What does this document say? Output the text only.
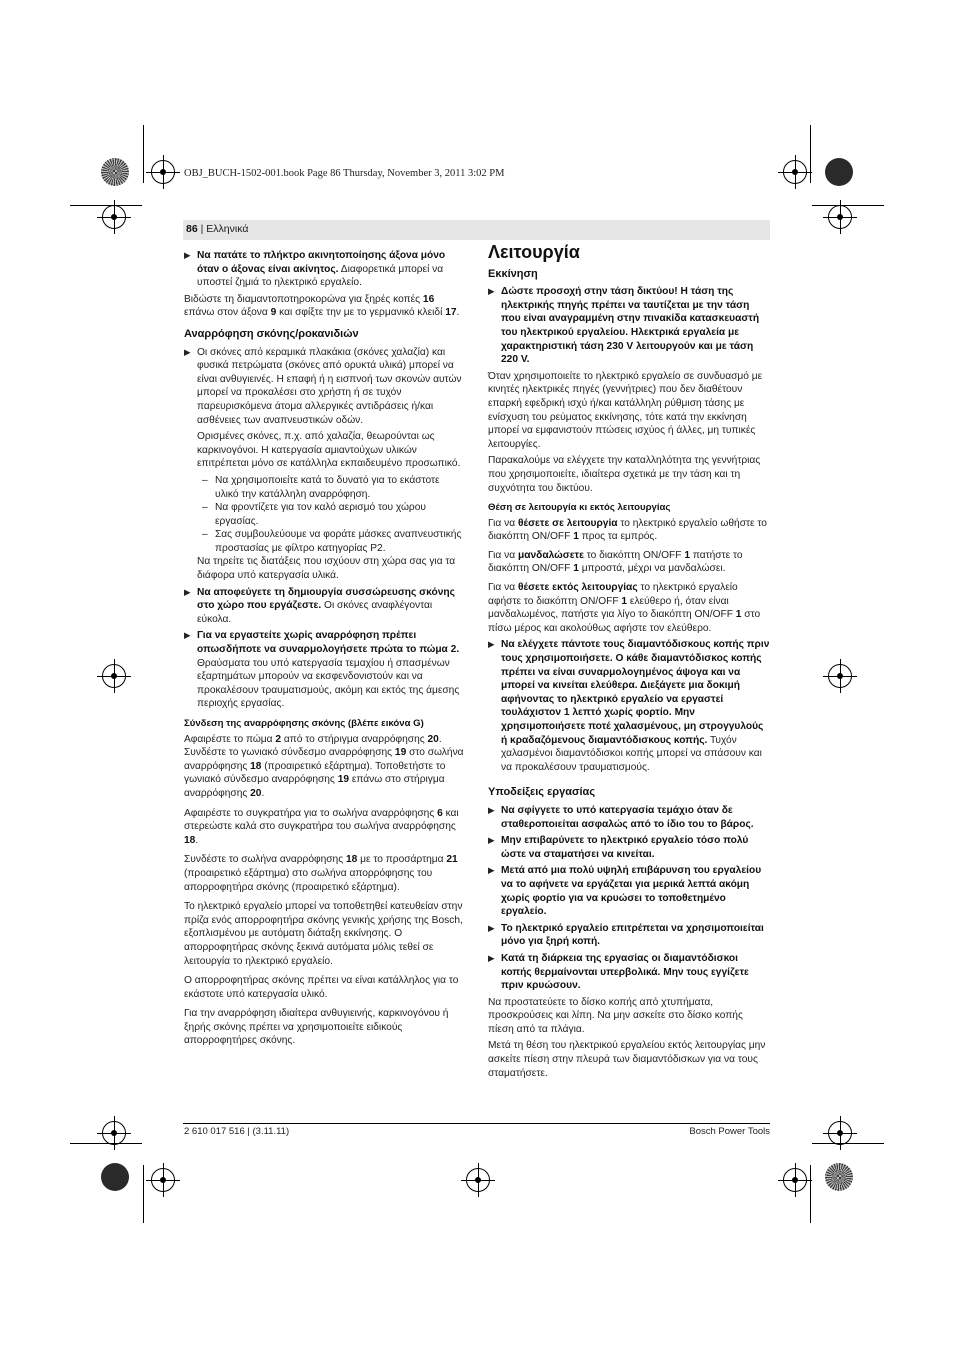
OBJ_BUCH-1502-001.book Page 86 Thursday, November 3, 2011 3:02 PM
86 | Ελληνικά
▶ Να πατάτε το πλήκτρο ακινητοποίησης άξονα μόνο όταν ο άξονας είναι ακίνητος. Διαφορετικά μπορεί να υποστεί ζημιά το ηλεκτρικό εργαλείο.

Βιδώστε τη διαμαντοποτηροκορώνα για ξηρές κοπές 16 επάνω στον άξονα 9 και σφίξτε την με το γερμανικό κλειδί 17.

Αναρρόφηση σκόνης/ροκανιδιών
▶ Οι σκόνες από κεραμικά πλακάκια (σκόνες χαλαζία) και φυσικά πετρώματα (σκόνες από ορυκτά υλικά) μπορεί να είναι ανθυγιεινές. Η επαφή ή η εισπνοή των σκονών αυτών μπορεί να προκαλέσει στο χρήστη ή σε τυχόν παρευρισκόμενα άτομα αλλεργικές αντιδράσεις ή/και ασθένειες των αναπνευστικών οδών.
Ορισμένες σκόνες, π.χ. από χαλαζία, θεωρούνται ως καρκινογόνοι. Η κατεργασία αμιαντούχων υλικών επιτρέπεται μόνο σε κατάλληλα εκπαιδευμένο προσωπικό.
– Να χρησιμοποιείτε κατά το δυνατό για το εκάστοτε υλικό την κατάλληλη αναρρόφηση.
– Να φροντίζετε για τον καλό αερισμό του χώρου εργασίας.
– Σας συμβουλεύουμε να φοράτε μάσκες αναπνευστικής προστασίας με φίλτρο κατηγορίας P2.
Να τηρείτε τις διατάξεις που ισχύουν στη χώρα σας για τα διάφορα υπό κατεργασία υλικά.
▶ Να αποφεύγετε τη δημιουργία συσσώρευσης σκόνης στο χώρο που εργάζεστε. Οι σκόνες αναφλέγονται εύκολα.
▶ Για να εργαστείτε χωρίς αναρρόφηση πρέπει οπωσδήποτε να συναρμολογήσετε πρώτα το πώμα 2. Θραύσματα του υπό κατεργασία τεμαχίου ή σπασμένων εξαρτημάτων μπορούν να εκσφενδονιστούν και να προκαλέσουν τραυματισμούς, ακόμη και εκτός της άμεσης περιοχής εργασίας.
Σύνδεση της αναρρόφησης σκόνης (βλέπε εικόνα G)

Αφαιρέστε το πώμα 2 από το στήριγμα αναρρόφησης 20. Συνδέστε το γωνιακό σύνδεσμο αναρρόφησης 19 στο σωλήνα αναρρόφησης 18 (προαιρετικό εξάρτημα). Τοποθετήστε το γωνιακό σύνδεσμο αναρρόφησης 19 επάνω στο στήριγμα αναρρόφησης 20.

Αφαιρέστε το συγκρατήρα για το σωλήνα αναρρόφησης 6 και στερεώστε καλά στο συγκρατήρα του σωλήνα αναρρόφησης 18.

Συνδέστε το σωλήνα αναρρόφησης 18 με το προσάρτημα 21 (προαιρετικό εξάρτημα) στο σωλήνα απορρόφησης του απορροφητήρα σκόνης (προαιρετικό εξάρτημα).

Το ηλεκτρικό εργαλείο μπορεί να τοποθετηθεί κατευθείαν στην πρίζα ενός απορροφητήρα σκόνης γενικής χρήσης της Bosch, εξοπλισμένου με αυτόματη διάταξη εκκίνησης. Ο απορροφητήρας σκόνης ξεκινά αυτόματα μόλις τεθεί σε λειτουργία το ηλεκτρικό εργαλείο.

Ο απορροφητήρας σκόνης πρέπει να είναι κατάλληλος για το εκάστοτε υπό κατεργασία υλικό.

Για την αναρρόφηση ιδιαίτερα ανθυγιεινής, καρκινογόνου ή ξηρής σκόνης πρέπει να χρησιμοποιείτε ειδικούς απορροφητήρες σκόνης.

Λειτουργία
Εκκίνηση
▶ Δώστε προσοχή στην τάση δικτύου! Η τάση της ηλεκτρικής πηγής πρέπει να ταυτίζεται με την τάση που είναι αναγραμμένη στην πινακίδα κατασκευαστή του ηλεκτρικού εργαλείου. Ηλεκτρικά εργαλεία με χαρακτηριστική τάση 230 V λειτουργούν και με τάση 220 V.

Όταν χρησιμοποιείτε το ηλεκτρικό εργαλείο σε συνδυασμό με κινητές ηλεκτρικές πηγές (γεννήτριες) που δεν διαθέτουν επαρκή εφεδρική ισχύ ή/και κατάλληλη ρύθμιση τάσης με ενίσχυση του ρεύματος εκκίνησης, τότε κατά την εκκίνηση μπορεί να εμφανιστούν πτώσεις ισχύος ή άλλες, μη τυπικές λειτουργίες.

Παρακαλούμε να ελέγχετε την καταλληλότητα της γεννήτριας που χρησιμοποιείτε, ιδιαίτερα σχετικά με την τάση και τη συχνότητα του δικτύου.

Θέση σε λειτουργία κι εκτός λειτουργίας

Για να θέσετε σε λειτουργία το ηλεκτρικό εργαλείο ωθήστε το διακόπτη ON/OFF 1 προς τα εμπρός.

Για να μανδαλώσετε το διακόπτη ON/OFF 1 πατήστε το διακόπτη ON/OFF 1 μπροστά, μέχρι να μανδαλώσει.

Για να θέσετε εκτός λειτουργίας το ηλεκτρικό εργαλείο αφήστε το διακόπτη ON/OFF 1 ελεύθερο ή, όταν είναι μανδαλωμένος, πατήστε για λίγο το διακόπτη ON/OFF 1 στο πίσω μέρος και ακολούθως αφήστε τον ελεύθερο.

▶ Να ελέγχετε πάντοτε τους διαμαντόδισκους κοπής πριν τους χρησιμοποιήσετε. Ο κάθε διαμαντόδισκος κοπής πρέπει να είναι συναρμολογημένος άψογα και να μπορεί να κινείται ελεύθερα. Διεξάγετε μια δοκιμή αφήνοντας το ηλεκτρικό εργαλείο να εργαστεί τουλάχιστον 1 λεπτό χωρίς φορτίο. Μην χρησιμοποιήσετε ποτέ χαλασμένους, μη στρογγυλούς ή κραδαζόμενους διαμαντόδισκους κοπής. Τυχόν χαλασμένοι διαμαντόδισκοι κοπής μπορεί να σπάσουν και να προκαλέσουν τραυματισμούς.
Υποδείξεις εργασίας
▶ Να σφίγγετε το υπό κατεργασία τεμάχιο όταν δε σταθεροποιείται ασφαλώς από το ίδιο του το βάρος.
▶ Μην επιβαρύνετε το ηλεκτρικό εργαλείο τόσο πολύ ώστε να σταματήσει να κινείται.
▶ Μετά από μια πολύ υψηλή επιβάρυνση του εργαλείου να το αφήνετε να εργάζεται για μερικά λεπτά ακόμη χωρίς φορτίο για να κρυώσει το τοποθετημένο εργαλείο.
▶ Το ηλεκτρικό εργαλείο επιτρέπεται να χρησιμοποιείται μόνο για ξηρή κοπή.
▶ Κατά τη διάρκεια της εργασίας οι διαμαντόδισκοι κοπής θερμαίνονται υπερβολικά. Μην τους εγγίζετε πριν κρυώσουν.

Να προστατεύετε το δίσκο κοπής από χτυπήματα, προσκρούσεις και λίπη. Να μην ασκείτε στο δίσκο κοπής πίεση από τα πλάγια.

Μετά τη θέση του ηλεκτρικού εργαλείου εκτός λειτουργίας μην ασκείτε πίεση στην πλευρά των διαμαντόδισκων για να τους σταματήσετε.

2 610 017 516 | (3.11.11)	Bosch Power Tools
